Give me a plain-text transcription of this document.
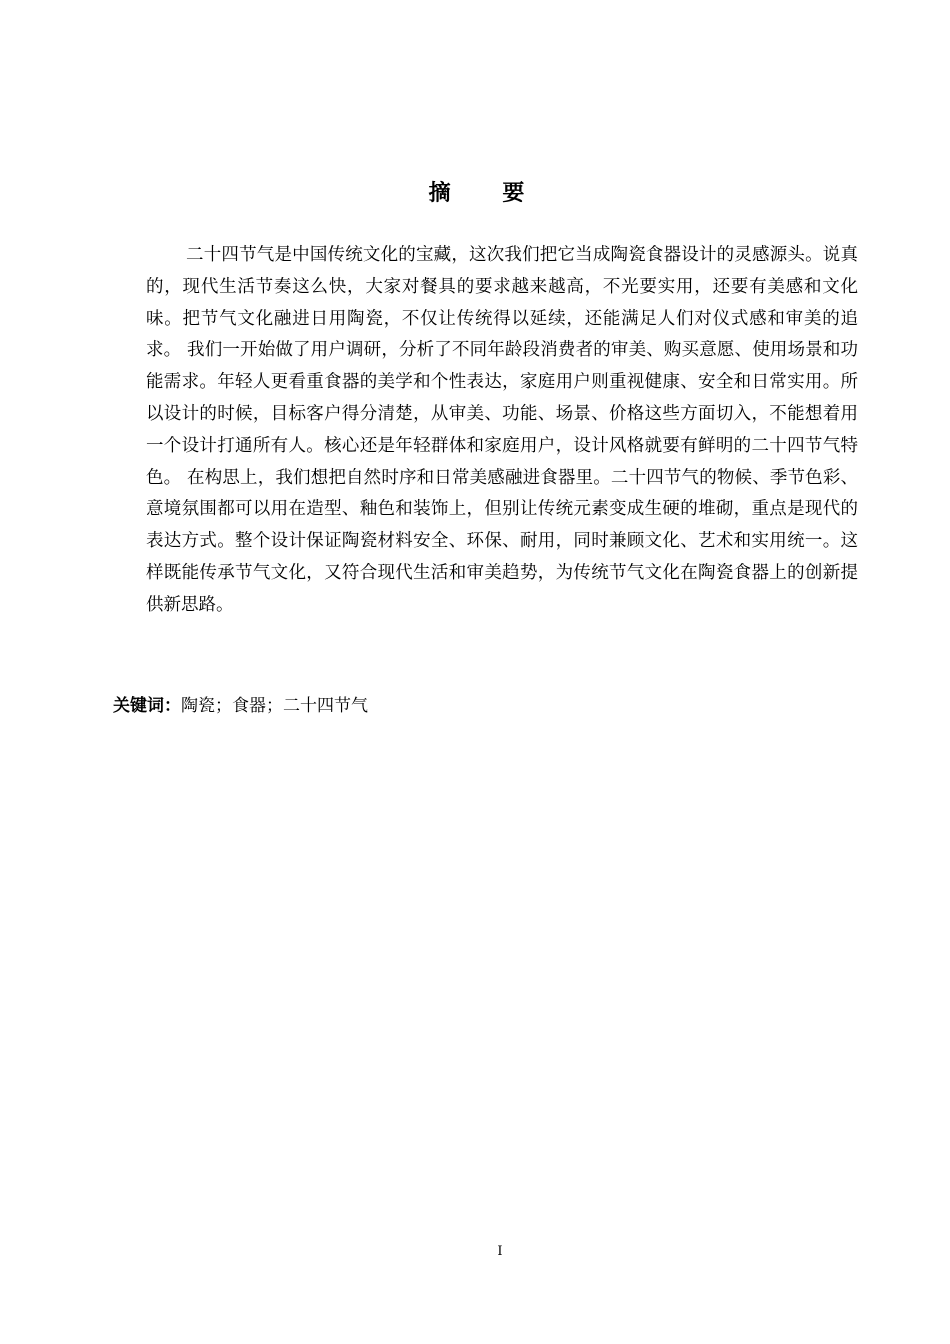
摘 要

二十四节气是中国传统文化的宝藏，这次我们把它当成陶瓷食器设计的灵感源头。说真的，现代生活节奏这么快，大家对餐具的要求越来越高，不光要实用，还要有美感和文化味。把节气文化融进日用陶瓷，不仅让传统得以延续，还能满足人们对仪式感和审美的追求。 我们一开始做了用户调研，分析了不同年龄段消费者的审美、购买意愿、使用场景和功能需求。年轻人更看重食器的美学和个性表达，家庭用户则重视健康、安全和日常实用。所以设计的时候，目标客户得分清楚，从审美、功能、场景、价格这些方面切入，不能想着用一个设计打通所有人。核心还是年轻群体和家庭用户，设计风格就要有鲜明的二十四节气特色。 在构思上，我们想把自然时序和日常美感融进食器里。二十四节气的物候、季节色彩、意境氛围都可以用在造型、釉色和装饰上，但别让传统元素变成生硬的堆砌，重点是现代的表达方式。整个设计保证陶瓷材料安全、环保、耐用，同时兼顾文化、艺术和实用统一。这样既能传承节气文化，又符合现代生活和审美趋势，为传统节气文化在陶瓷食器上的创新提供新思路。

关键词：陶瓷；食器；二十四节气

I
